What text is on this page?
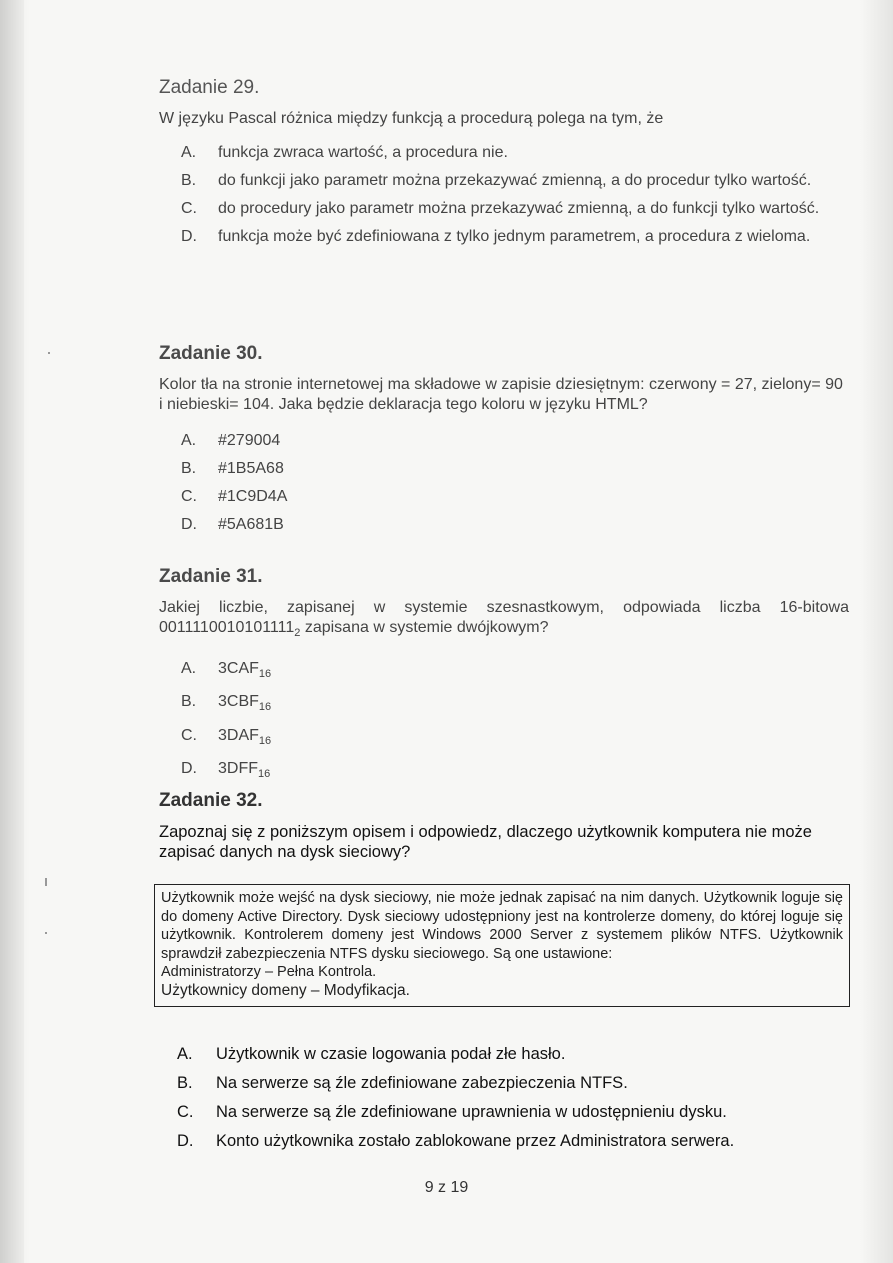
Zadanie 29.

W języku Pascal różnica między funkcją a procedurą polega na tym, że

A. funkcja zwraca wartość, a procedura nie.
B. do funkcji jako parametr można przekazywać zmienną, a do procedur tylko wartość.
C. do procedury jako parametr można przekazywać zmienną, a do funkcji tylko wartość.
D. funkcja może być zdefiniowana z tylko jednym parametrem, a procedura z wieloma.
Zadanie 30.

Kolor tła na stronie internetowej ma składowe w zapisie dziesiętnym: czerwony = 27, zielony= 90 i niebieski= 104. Jaka będzie deklaracja tego koloru w języku HTML?

A. #279004
B. #1B5A68
C. #1C9D4A
D. #5A681B
Zadanie 31.

Jakiej liczbie, zapisanej w systemie szesnastkowym, odpowiada liczba 16-bitowa $0011110010101111_2$ zapisana w systemie dwójkowym?

A. $3CAF_{16}$
B. $3CBF_{16}$
C. $3DAF_{16}$
D. $3DFF_{16}$
Zadanie 32.

Zapoznaj się z poniższym opisem i odpowiedz, dlaczego użytkownik komputera nie może zapisać danych na dysk sieciowy?

Użytkownik może wejść na dysk sieciowy, nie może jednak zapisać na nim danych. Użytkownik loguje się do domeny Active Directory. Dysk sieciowy udostępniony jest na kontrolerze domeny, do której loguje się użytkownik. Kontrolerem domeny jest Windows 2000 Server z systemem plików NTFS. Użytkownik sprawdził zabezpieczenia NTFS dysku sieciowego. Są one ustawione:
Administratorzy – Pełna Kontrola.
Użytkownicy domeny – Modyfikacja.
A. Użytkownik w czasie logowania podał złe hasło.
B. Na serwerze są źle zdefiniowane zabezpieczenia NTFS.
C. Na serwerze są źle zdefiniowane uprawnienia w udostępnieniu dysku.
D. Konto użytkownika zostało zablokowane przez Administratora serwera.
9 z 19
